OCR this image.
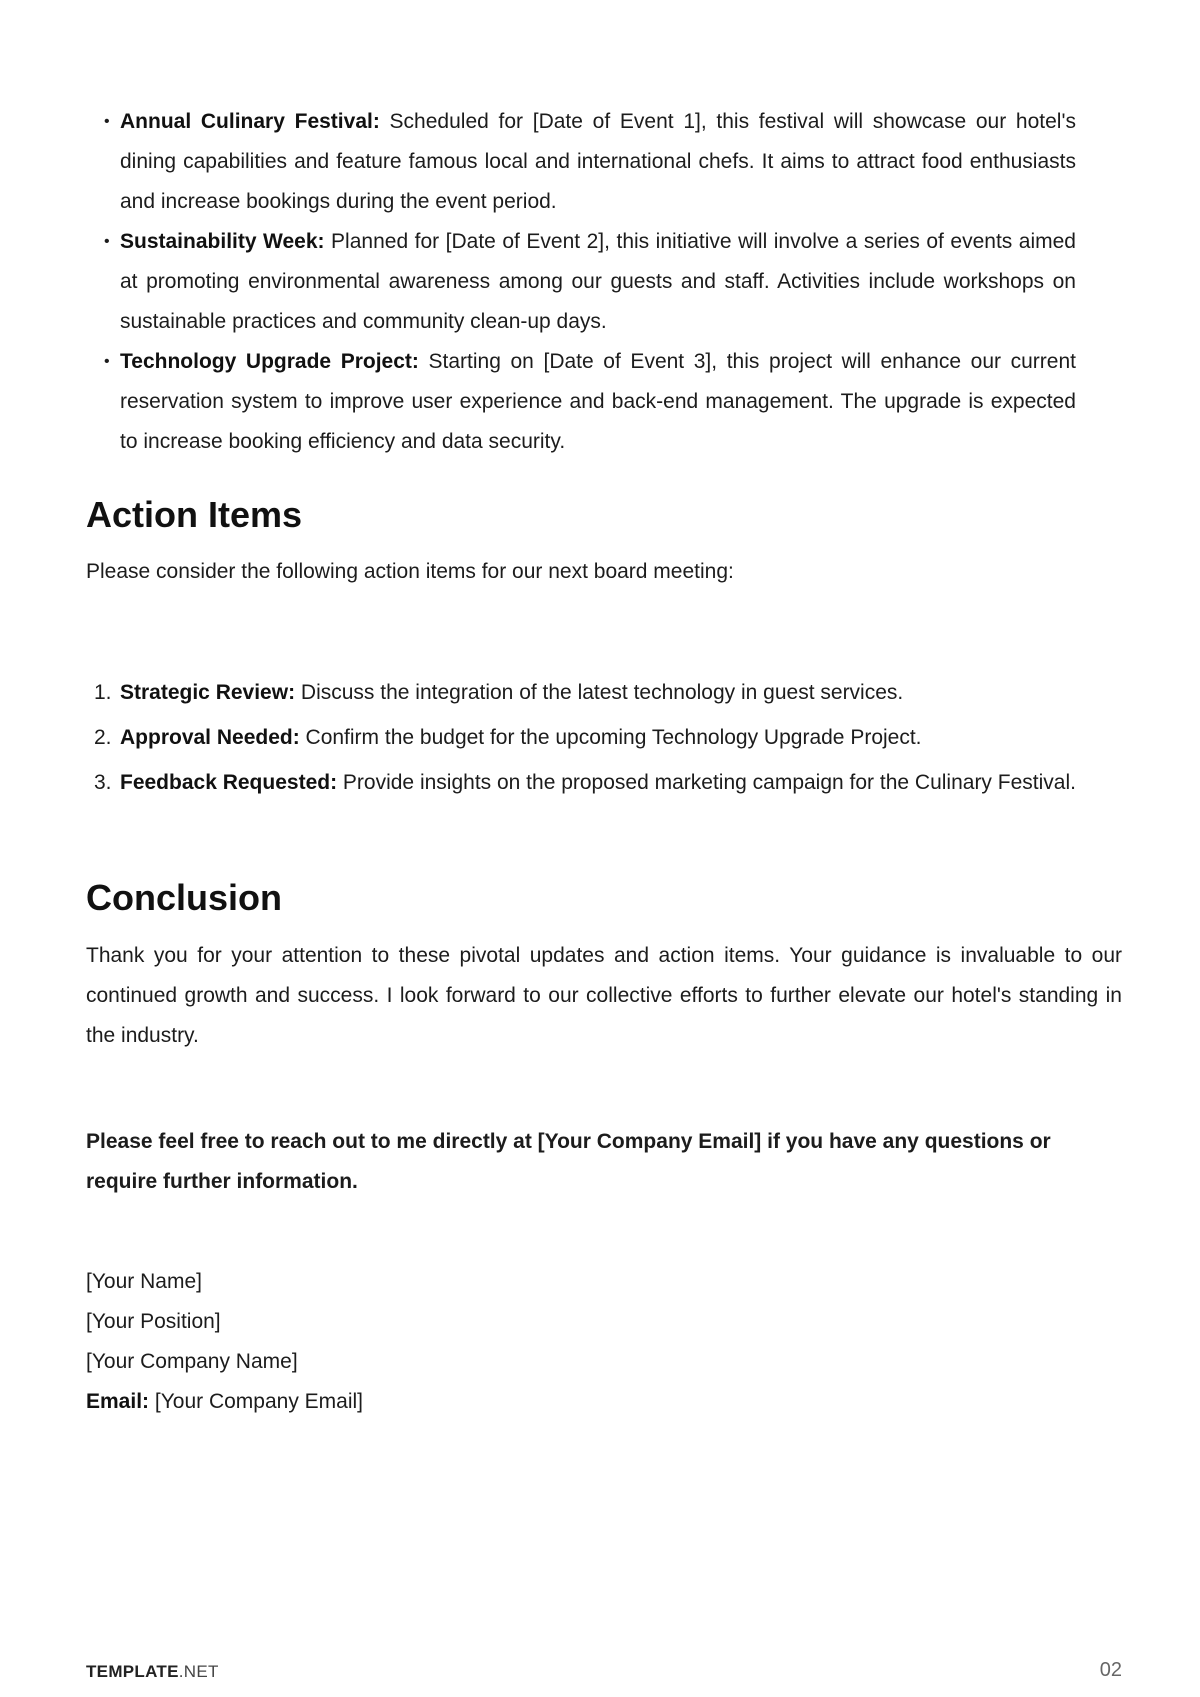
• Annual Culinary Festival: Scheduled for [Date of Event 1], this festival will showcase our hotel's dining capabilities and feature famous local and international chefs. It aims to attract food enthusiasts and increase bookings during the event period.
• Sustainability Week: Planned for [Date of Event 2], this initiative will involve a series of events aimed at promoting environmental awareness among our guests and staff. Activities include workshops on sustainable practices and community clean-up days.
• Technology Upgrade Project: Starting on [Date of Event 3], this project will enhance our current reservation system to improve user experience and back-end management. The upgrade is expected to increase booking efficiency and data security.
Action Items

Please consider the following action items for our next board meeting:

1. Strategic Review: Discuss the integration of the latest technology in guest services.
2. Approval Needed: Confirm the budget for the upcoming Technology Upgrade Project.
3. Feedback Requested: Provide insights on the proposed marketing campaign for the Culinary Festival.
Conclusion

Thank you for your attention to these pivotal updates and action items. Your guidance is invaluable to our continued growth and success. I look forward to our collective efforts to further elevate our hotel's standing in the industry.

Please feel free to reach out to me directly at [Your Company Email] if you have any questions or require further information.

[Your Name]

[Your Position]

[Your Company Name]

Email: [Your Company Email]

TEMPLATE.NET	02
